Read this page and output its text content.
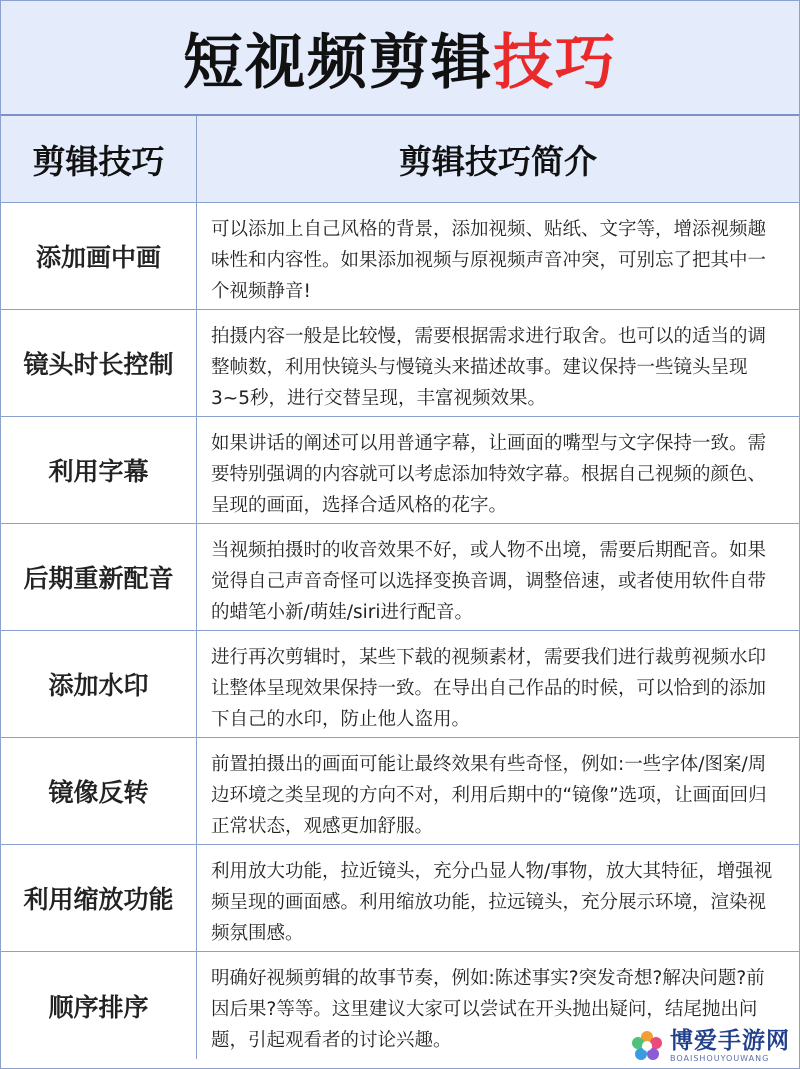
短视频剪辑技巧
剪辑技巧	剪辑技巧简介
添加画中画
可以添加上自己风格的背景，添加视频、贴纸、文字等，增添视频趣味性和内容性。如果添加视频与原视频声音冲突，可别忘了把其中一个视频静音!
镜头时长控制
拍摄内容一般是比较慢，需要根据需求进行取舍。也可以的适当的调整帧数，利用快镜头与慢镜头来描述故事。建议保持一些镜头呈现3~5秒，进行交替呈现，丰富视频效果。
利用字幕
如果讲话的阐述可以用普通字幕，让画面的嘴型与文字保持一致。需要特别强调的内容就可以考虑添加特效字幕。根据自己视频的颜色、呈现的画面，选择合适风格的花字。
后期重新配音
当视频拍摄时的收音效果不好，或人物不出境，需要后期配音。如果觉得自己声音奇怪可以选择变换音调，调整倍速，或者使用软件自带的蜡笔小新/萌娃/siri进行配音。
添加水印
进行再次剪辑时，某些下载的视频素材，需要我们进行裁剪视频水印让整体呈现效果保持一致。在导出自己作品的时候，可以恰到的添加下自己的水印，防止他人盗用。
镜像反转
前置拍摄出的画面可能让最终效果有些奇怪，例如:一些字体/图案/周边环境之类呈现的方向不对，利用后期中的“镜像”选项，让画面回归正常状态，观感更加舒服。
利用缩放功能
利用放大功能，拉近镜头，充分凸显人物/事物，放大其特征，增强视频呈现的画面感。利用缩放功能，拉远镜头，充分展示环境，渲染视频氛围感。
顺序排序
明确好视频剪辑的故事节奏，例如:陈述事实?突发奇想?解决问题?前因后果?等等。这里建议大家可以尝试在开头抛出疑问，结尾抛出问题，引起观看者的讨论兴趣。	博爱手游网
BOAISHOUYOUWANG
